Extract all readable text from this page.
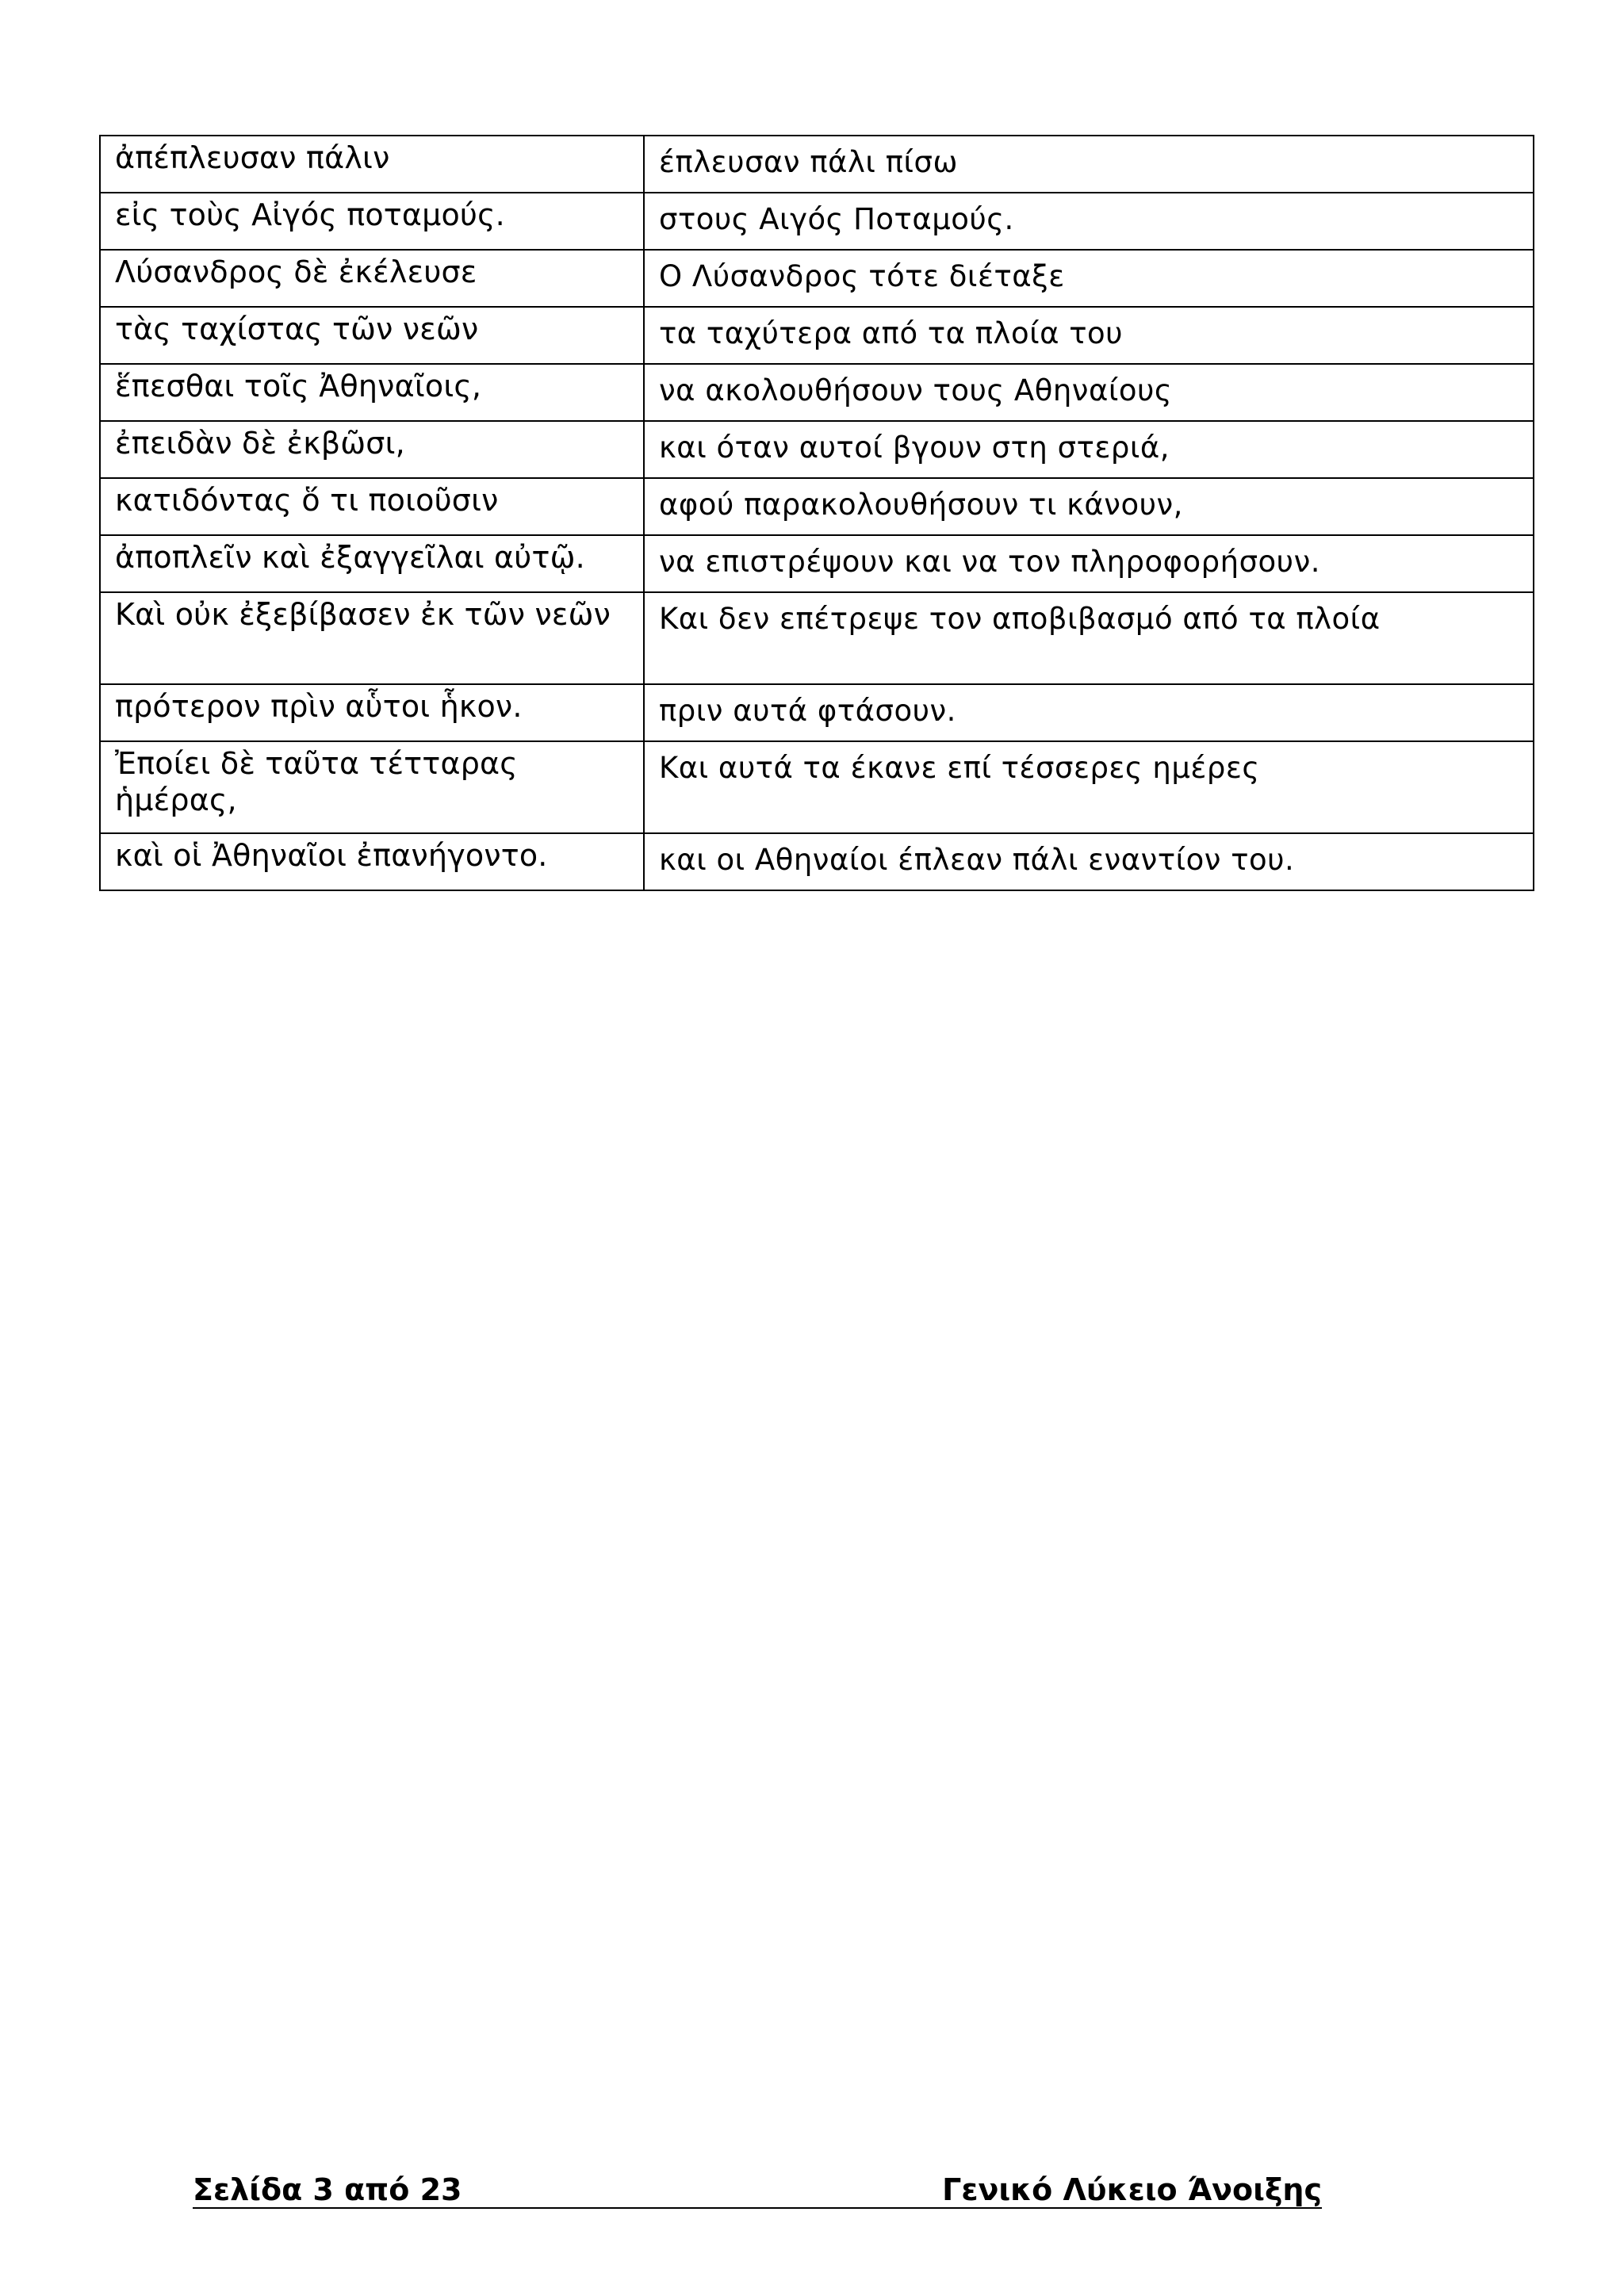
ἀπέπλευσαν πάλιν	έπλευσαν πάλι πίσω
εἰς τοὺς Αἰγός ποταμούς.	στους Αιγός Ποταμούς.
Λύσανδρος δὲ ἐκέλευσε	Ο Λύσανδρος τότε διέταξε
τὰς ταχίστας τῶν νεῶν	τα ταχύτερα από τα πλοία του
ἕπεσθαι τοῖς Ἀθηναῖοις,	να ακολουθήσουν τους Αθηναίους
ἐπειδὰν δὲ ἐκβῶσι,	και όταν αυτοί βγουν στη στεριά,
κατιδόντας ὅ τι ποιοῦσιν	αφού παρακολουθήσουν τι κάνουν,
ἀποπλεῖν καὶ ἐξαγγεῖλαι αὐτῷ.	να επιστρέψουν και να τον πληροφορήσουν.
Καὶ οὐκ ἐξεβίβασεν ἐκ τῶν νεῶν	Και δεν επέτρεψε τον αποβιβασμό από τα πλοία
πρότερον πρὶν αὗτοι ἧκον.	πριν αυτά φτάσουν.
Ἐποίει δὲ ταῦτα τέτταρας ἡμέρας,	Και αυτά τα έκανε επί τέσσερες ημέρες
καὶ οἱ Ἀθηναῖοι ἐπανήγοντο.	και οι Αθηναίοι έπλεαν πάλι εναντίον του.
Σελίδα 3 από 23	Γενικό Λύκειο Άνοιξης
